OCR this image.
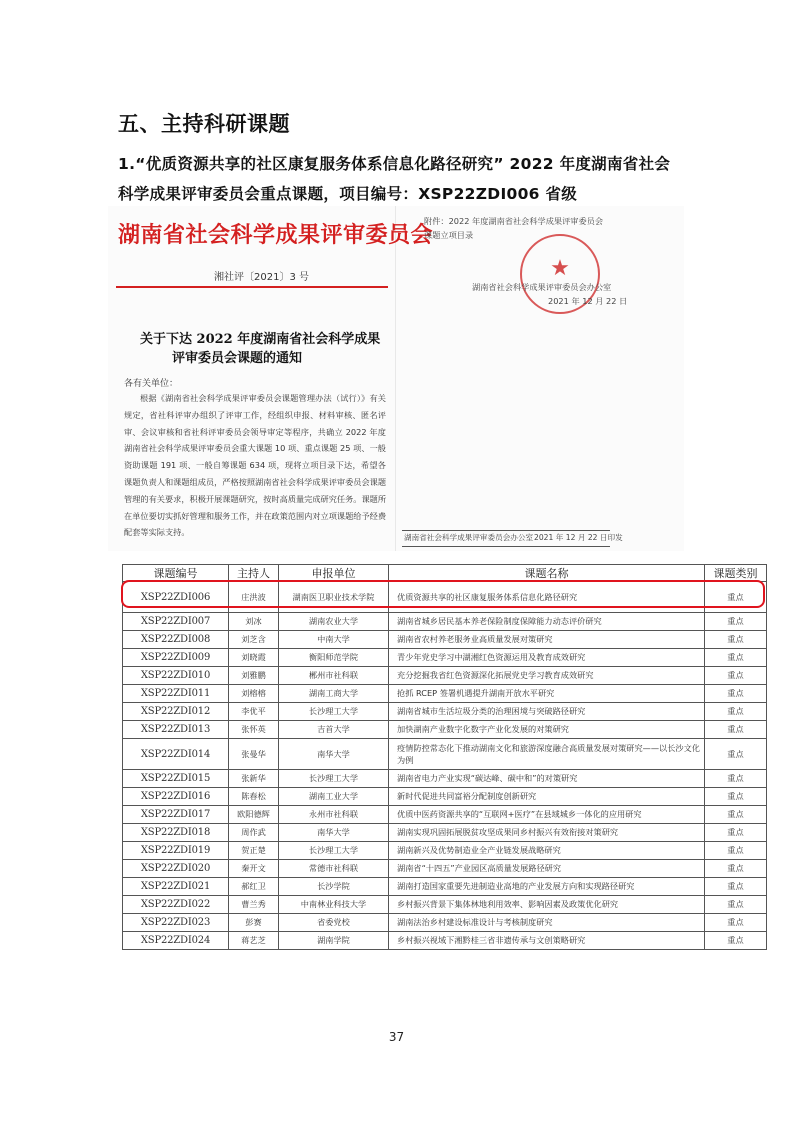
五、主持科研课题
1.“优质资源共享的社区康复服务体系信息化路径研究” 2022 年度湖南省社会
科学成果评审委员会重点课题，项目编号：XSP22ZDI006 省级
湖南省社会科学成果评审委员会
湘社评〔2021〕3 号
关于下达 2022 年度湖南省社会科学成果
评审委员会课题的通知
各有关单位：
根据《湖南省社会科学成果评审委员会课题管理办法（试行）》有关规定，省社科评审办组织了评审工作，经组织申报、材料审核、匿名评审、会议审核和省社科评审委员会领导审定等程序，共确立 2022 年度湖南省社会科学成果评审委员会重大课题 10 项、重点课题 25 项、一般资助课题 191 项、一般自筹课题 634 项，现将立项目录下达，希望各课题负责人和课题组成员，严格按照湖南省社会科学成果评审委员会课题管理的有关要求，积极开展课题研究，按时高质量完成研究任务。课题所在单位要切实抓好管理和服务工作，并在政策范围内对立项课题给予经费配套等实际支持。
附件：2022 年度湖南省社会科学成果评审委员会课题立项目录
★
湖南省社会科学成果评审委员会办公室
2021 年 12 月 22 日
湖南省社会科学成果评审委员会办公室 2021 年 12 月 22 日印发
课题编号	主持人	申报单位	课题名称	课题类别
XSP22ZDI006	庄洪波	湖南医卫职业技术学院	优质资源共享的社区康复服务体系信息化路径研究	重点
XSP22ZDI007	刘冰	湖南农业大学	湖南省城乡居民基本养老保险制度保障能力动态评价研究	重点
XSP22ZDI008	刘芝含	中南大学	湖南省农村养老服务业高质量发展对策研究	重点
XSP22ZDI009	刘晓霞	衡阳师范学院	青少年党史学习中湖湘红色资源运用及教育成效研究	重点
XSP22ZDI010	刘雅鹏	郴州市社科联	充分挖掘我省红色资源深化拓展党史学习教育成效研究	重点
XSP22ZDI011	刘榕榕	湖南工商大学	抢抓 RCEP 签署机遇提升湖南开放水平研究	重点
XSP22ZDI012	李优平	长沙理工大学	湖南省城市生活垃圾分类的治理困境与突破路径研究	重点
XSP22ZDI013	张怀英	吉首大学	加快湖南产业数字化数字产业化发展的对策研究	重点
XSP22ZDI014	张曼华	南华大学	疫情防控常态化下推动湖南文化和旅游深度融合高质量发展对策研究——以长沙文化为例	重点
XSP22ZDI015	张新华	长沙理工大学	湖南省电力产业实现“碳达峰、碳中和”的对策研究	重点
XSP22ZDI016	陈春松	湖南工业大学	新时代促进共同富裕分配制度创新研究	重点
XSP22ZDI017	欧阳德辉	永州市社科联	优质中医药资源共享的“互联网+医疗”在县域城乡一体化的应用研究	重点
XSP22ZDI018	周作武	南华大学	湖南实现巩固拓展脱贫攻坚成果同乡村振兴有效衔接对策研究	重点
XSP22ZDI019	贺正楚	长沙理工大学	湖南新兴及优势制造业全产业链发展战略研究	重点
XSP22ZDI020	秦开文	常德市社科联	湖南省“十四五”产业园区高质量发展路径研究	重点
XSP22ZDI021	郝红卫	长沙学院	湖南打造国家重要先进制造业高地的产业发展方向和实现路径研究	重点
XSP22ZDI022	曹兰秀	中南林业科技大学	乡村振兴背景下集体林地利用效率、影响因素及政策优化研究	重点
XSP22ZDI023	彭赛	省委党校	湖南法治乡村建设标准设计与考核制度研究	重点
XSP22ZDI024	蒋艺芝	湖南学院	乡村振兴视域下湘黔桂三省非遗传承与文创策略研究	重点
37
